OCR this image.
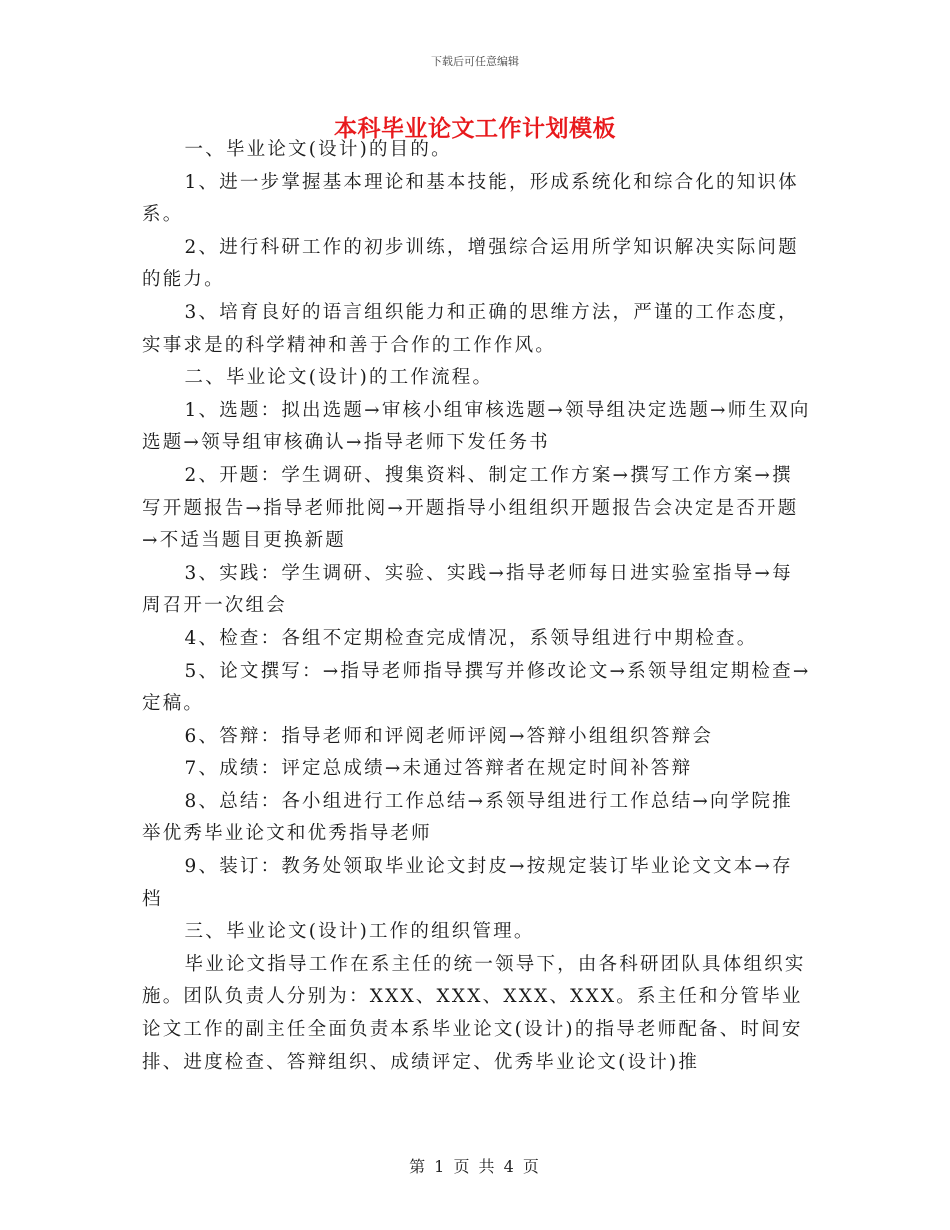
下载后可任意编辑
本科毕业论文工作计划模板

一、毕业论文(设计)的目的。

1、进一步掌握基本理论和基本技能，形成系统化和综合化的知识体系。

2、进行科研工作的初步训练，增强综合运用所学知识解决实际问题的能力。

3、培育良好的语言组织能力和正确的思维方法，严谨的工作态度，实事求是的科学精神和善于合作的工作作风。

二、毕业论文(设计)的工作流程。

1、选题：拟出选题→审核小组审核选题→领导组决定选题→师生双向选题→领导组审核确认→指导老师下发任务书

2、开题：学生调研、搜集资料、制定工作方案→撰写工作方案→撰写开题报告→指导老师批阅→开题指导小组组织开题报告会决定是否开题→不适当题目更换新题

3、实践：学生调研、实验、实践→指导老师每日进实验室指导→每周召开一次组会

4、检查：各组不定期检查完成情况，系领导组进行中期检查。

5、论文撰写：→指导老师指导撰写并修改论文→系领导组定期检查→定稿。

6、答辩：指导老师和评阅老师评阅→答辩小组组织答辩会

7、成绩：评定总成绩→未通过答辩者在规定时间补答辩

8、总结：各小组进行工作总结→系领导组进行工作总结→向学院推举优秀毕业论文和优秀指导老师

9、装订：教务处领取毕业论文封皮→按规定装订毕业论文文本→存档

三、毕业论文(设计)工作的组织管理。

毕业论文指导工作在系主任的统一领导下，由各科研团队具体组织实施。团队负责人分别为：XXX、XXX、XXX、XXX。系主任和分管毕业论文工作的副主任全面负责本系毕业论文(设计)的指导老师配备、时间安排、进度检查、答辩组织、成绩评定、优秀毕业论文(设计)推

第 1 页 共 4 页
